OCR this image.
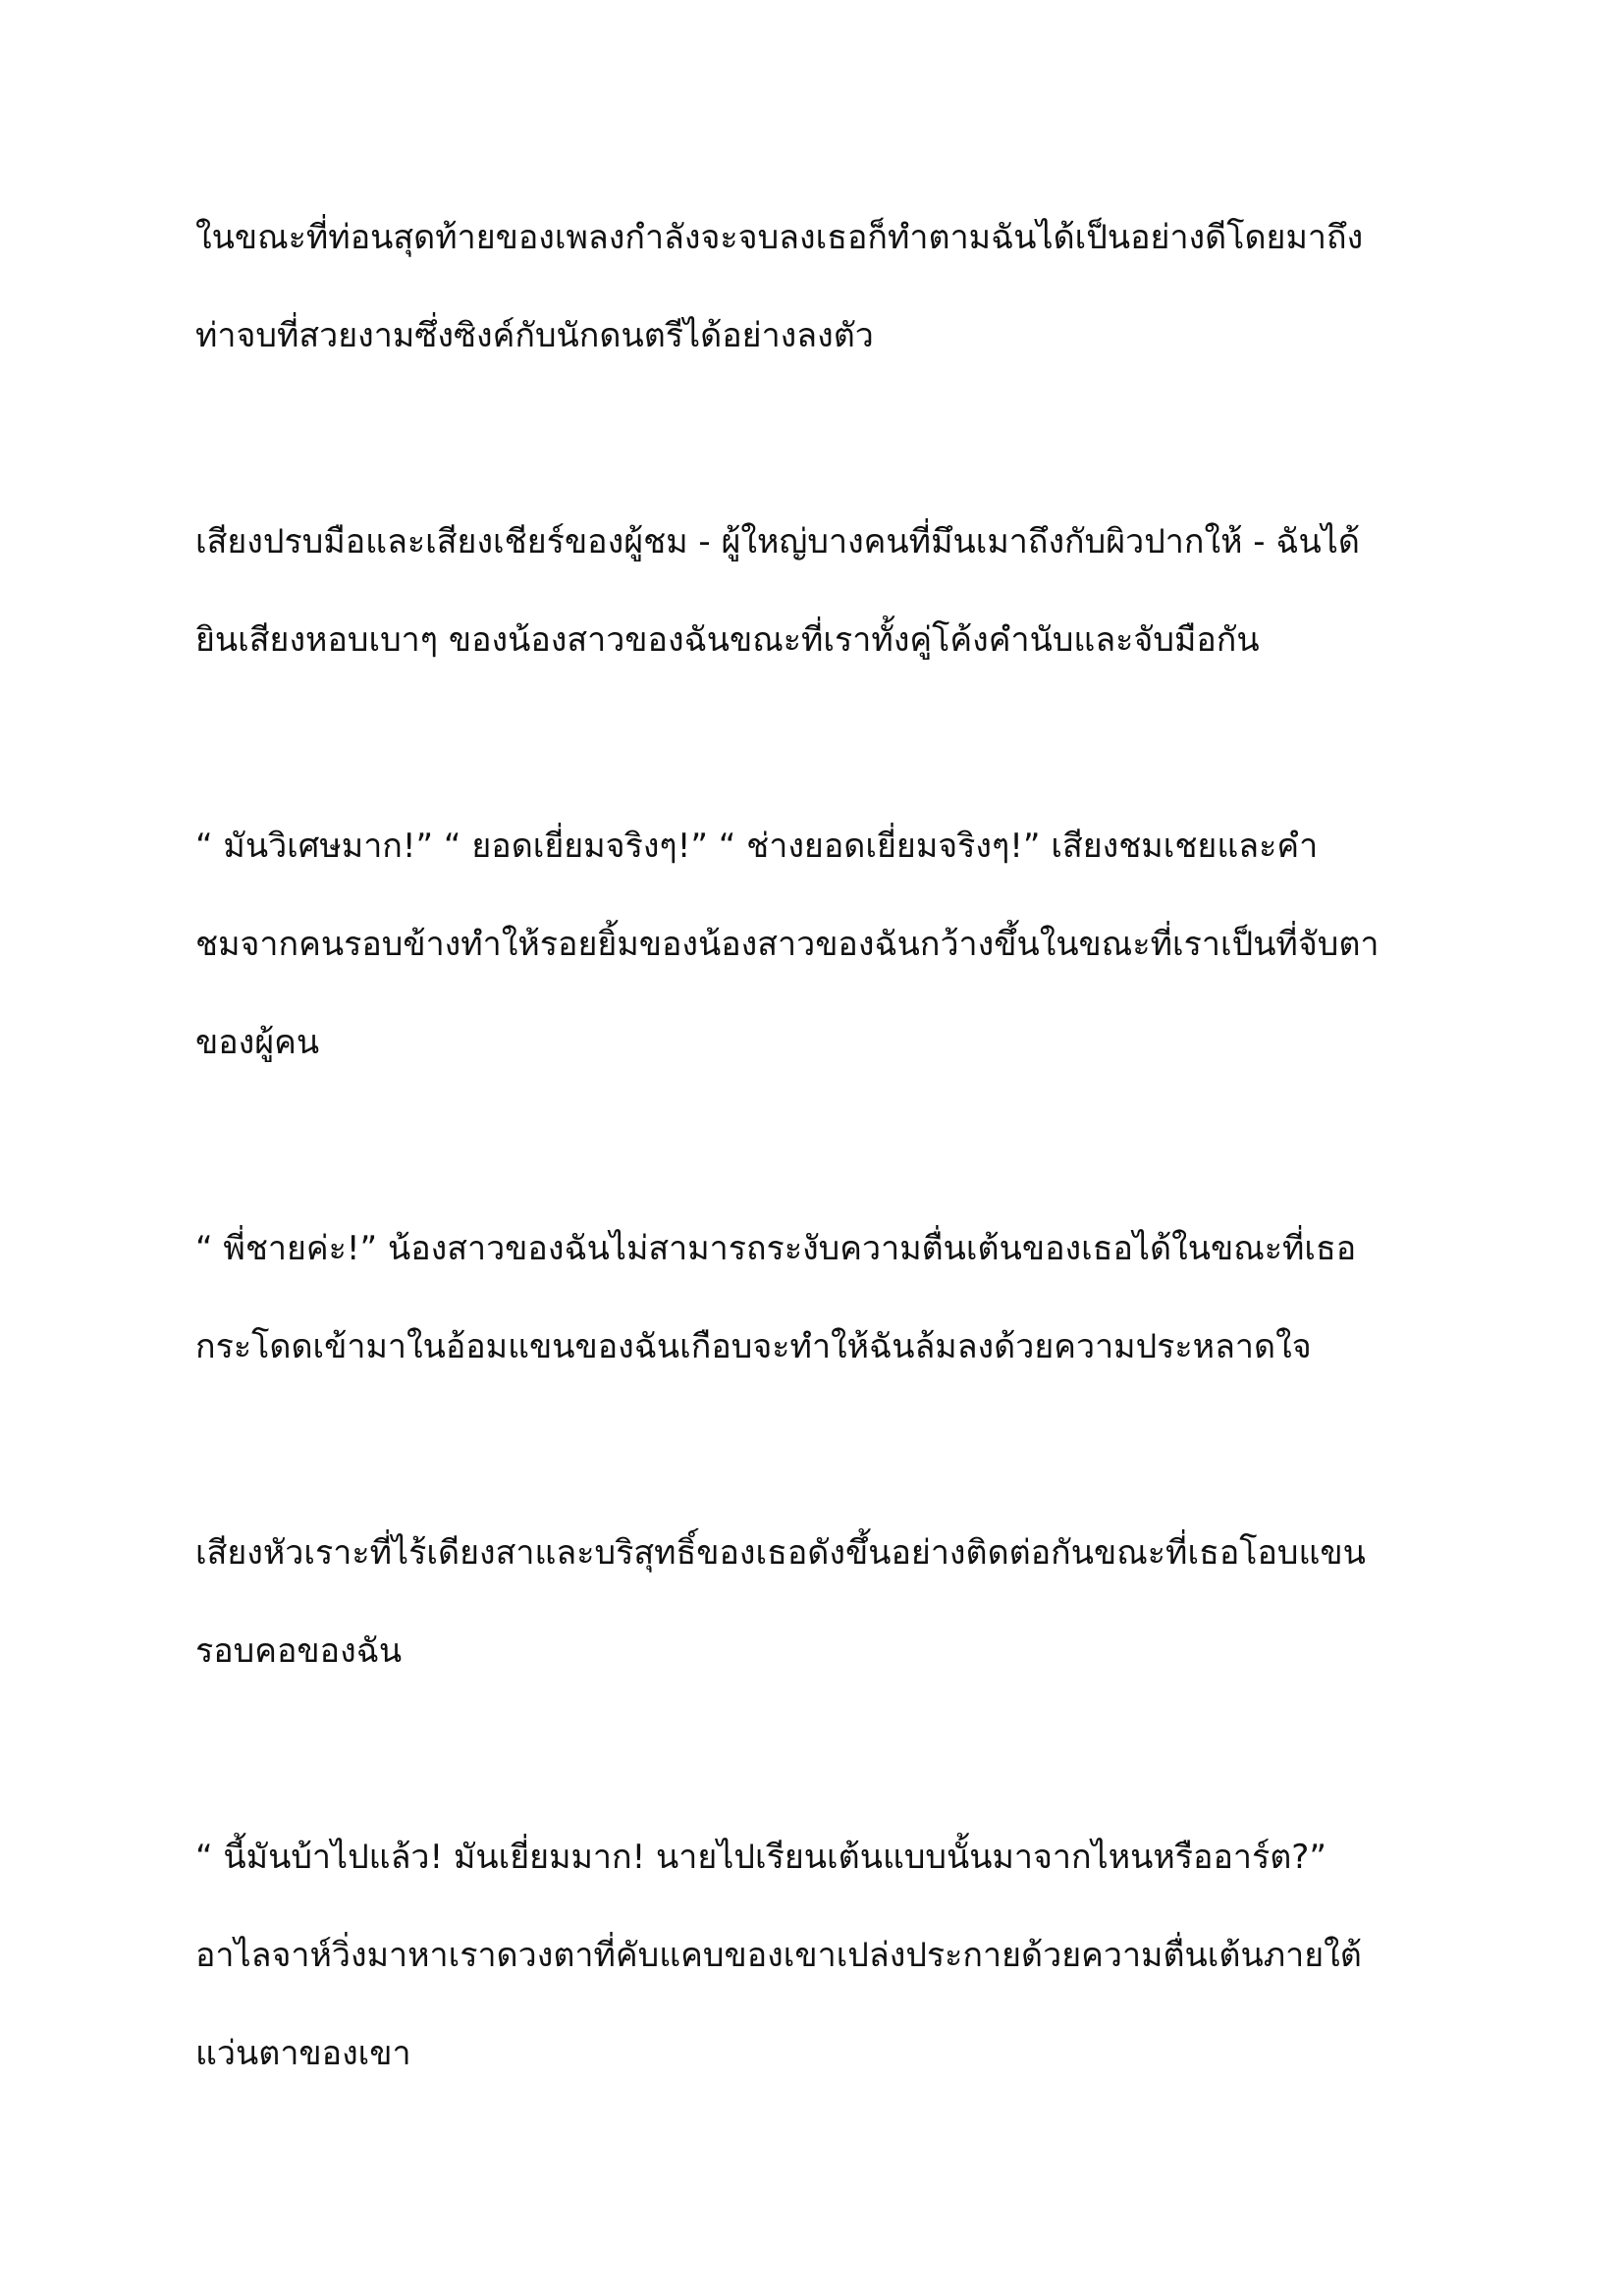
ในขณะที่ท่อนสุดท้ายของเพลงกำลังจะจบลงเธอก็ทำตามฉันได้เป็นอย่างดีโดยมาถึง
ท่าจบที่สวยงามซึ่งซิงค์กับนักดนตรีได้อย่างลงตัว

เสียงปรบมือและเสียงเชียร์ของผู้ชม - ผู้ใหญ่บางคนที่มึนเมาถึงกับผิวปากให้ - ฉันได้
ยินเสียงหอบเบาๆ ของน้องสาวของฉันขณะที่เราทั้งคู่โค้งคำนับและจับมือกัน

“ มันวิเศษมาก!” “ ยอดเยี่ยมจริงๆ!” “ ช่างยอดเยี่ยมจริงๆ!” เสียงชมเชยและคำ
ชมจากคนรอบข้างทำให้รอยยิ้มของน้องสาวของฉันกว้างขึ้นในขณะที่เราเป็นที่จับตา
ของผู้คน

“ พี่ชายค่ะ!” น้องสาวของฉันไม่สามารถระงับความตื่นเต้นของเธอได้ในขณะที่เธอ
กระโดดเข้ามาในอ้อมแขนของฉันเกือบจะทำให้ฉันล้มลงด้วยความประหลาดใจ

เสียงหัวเราะที่ไร้เดียงสาและบริสุทธิ์ของเธอดังขึ้นอย่างติดต่อกันขณะที่เธอโอบแขน
รอบคอของฉัน

“ นี้มันบ้าไปแล้ว! มันเยี่ยมมาก! นายไปเรียนเต้นแบบนั้นมาจากไหนหรืออาร์ต?”
อาไลจาห์วิ่งมาหาเราดวงตาที่คับแคบของเขาเปล่งประกายด้วยความตื่นเต้นภายใต้
แว่นตาของเขา
